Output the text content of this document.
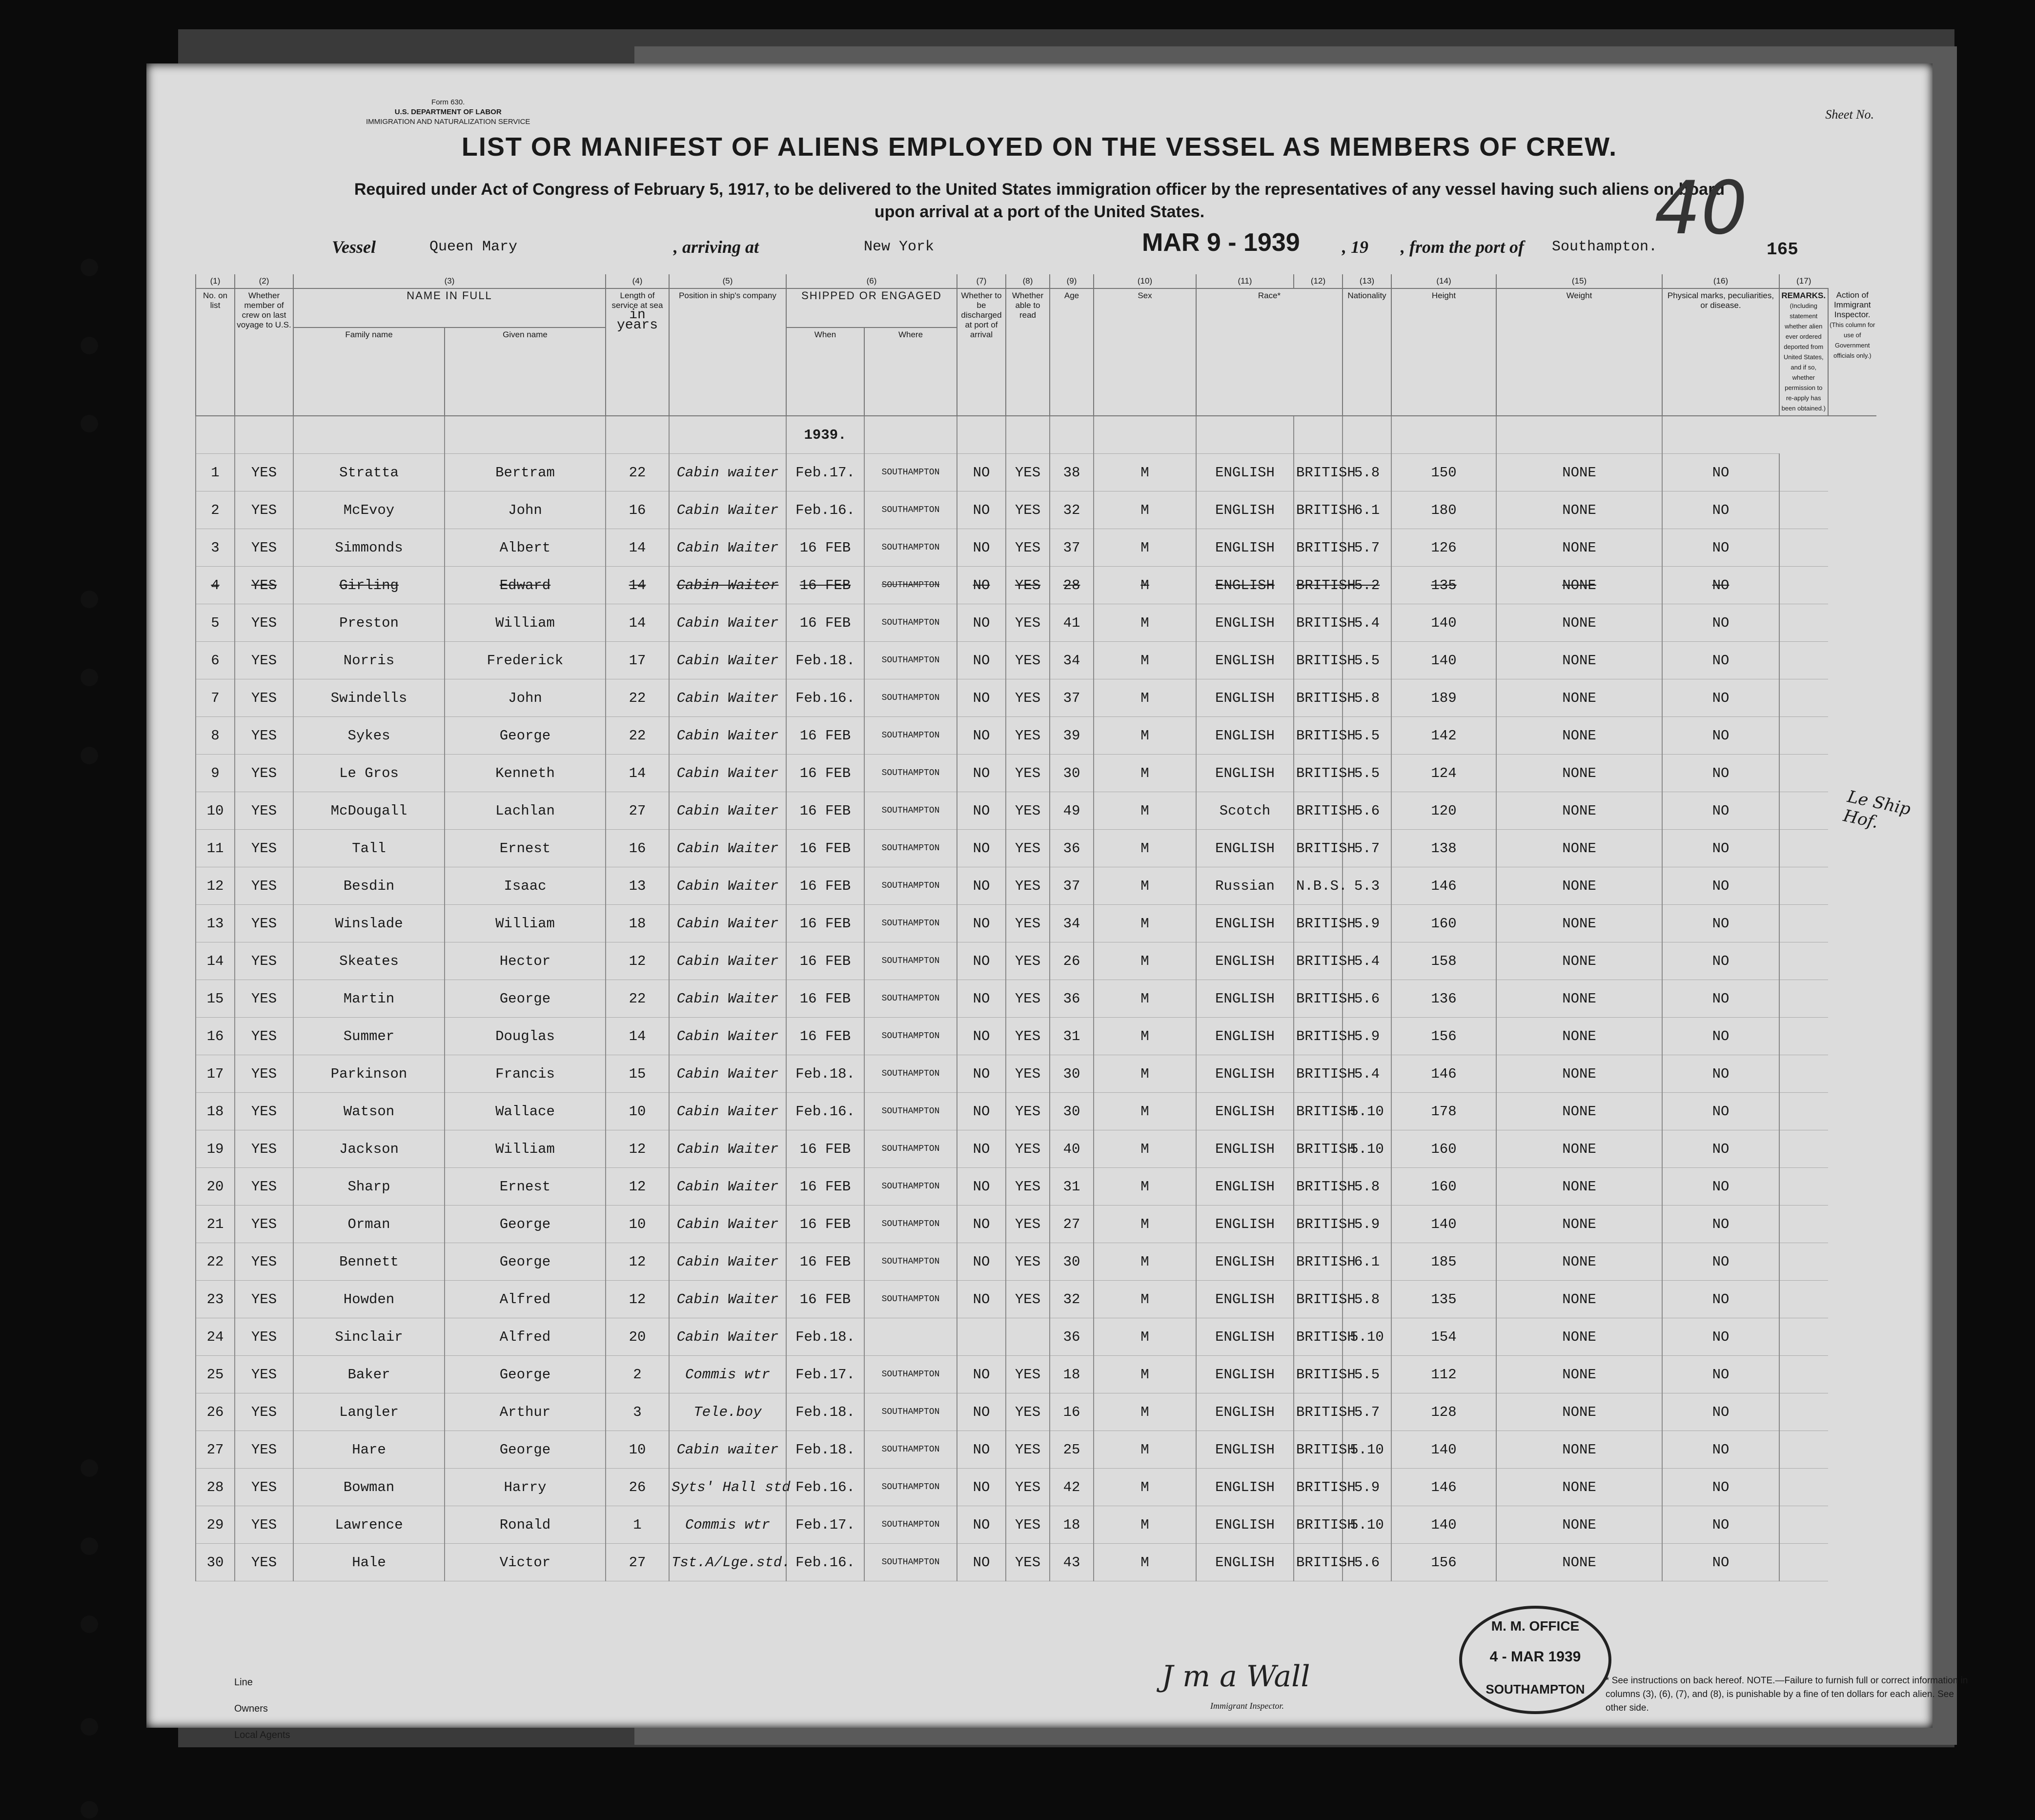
Form 630.
U.S. DEPARTMENT OF LABOR
IMMIGRATION AND NATURALIZATION SERVICE
Sheet No.
LIST OR MANIFEST OF ALIENS EMPLOYED ON THE VESSEL AS MEMBERS OF CREW.
Required under Act of Congress of February 5, 1917, to be delivered to the United States immigration officer by the representatives of any vessel having such aliens on board upon arrival at a port of the United States.	40
Vessel	Queen Mary	, arriving at	New York	MAR 9 - 1939 , 19 , from the port of Southampton.	165
(1)	(2)	(3)		(4)	(5)	(6)		(7)	(8)	(9)	(10)	(11)	(12)	(13)	(14)	(15)	(16)	(17)	
No. on list	Whether member of crew on last voyage to U.S.	NAME IN FULL		Length of service at sea
in years	Position in ship's company	SHIPPED OR ENGAGED		Whether to be discharged at port of arrival	Whether able to read	Age	Sex	Race*		Nationality	Height	Weight	Physical marks, peculiarities, or disease.	REMARKS.
(Including statement whether alien ever ordered deported from United States, and if so, whether permission to re-apply has been obtained.)	Action of Immigrant Inspector.
(This column for use of Government officials only.)
		Family name	Given name			When	Where												
						1939.													
1	YES	Stratta	Bertram	22	Cabin waiter	Feb.17.	SOUTHAMPTON	NO	YES	38	M	ENGLISH	BRITISH	5.8	150	NONE	NO		
2	YES	McEvoy	John	16	Cabin Waiter	Feb.16.	SOUTHAMPTON	NO	YES	32	M	ENGLISH	BRITISH	6.1	180	NONE	NO		
3	YES	Simmonds	Albert	14	Cabin Waiter	16 FEB	SOUTHAMPTON	NO	YES	37	M	ENGLISH	BRITISH	5.7	126	NONE	NO		
4	YES	Girling	Edward	14	Cabin Waiter	16 FEB	SOUTHAMPTON	NO	YES	28	M	ENGLISH	BRITISH	5.2	135	NONE	NO		
5	YES	Preston	William	14	Cabin Waiter	16 FEB	SOUTHAMPTON	NO	YES	41	M	ENGLISH	BRITISH	5.4	140	NONE	NO		
6	YES	Norris	Frederick	17	Cabin Waiter	Feb.18.	SOUTHAMPTON	NO	YES	34	M	ENGLISH	BRITISH	5.5	140	NONE	NO		
7	YES	Swindells	John	22	Cabin Waiter	Feb.16.	SOUTHAMPTON	NO	YES	37	M	ENGLISH	BRITISH	5.8	189	NONE	NO		
8	YES	Sykes	George	22	Cabin Waiter	16 FEB	SOUTHAMPTON	NO	YES	39	M	ENGLISH	BRITISH	5.5	142	NONE	NO		
9	YES	Le Gros	Kenneth	14	Cabin Waiter	16 FEB	SOUTHAMPTON	NO	YES	30	M	ENGLISH	BRITISH	5.5	124	NONE	NO		
10	YES	McDougall	Lachlan	27	Cabin Waiter	16 FEB	SOUTHAMPTON	NO	YES	49	M	Scotch	BRITISH	5.6	120	NONE	NO		
11	YES	Tall	Ernest	16	Cabin Waiter	16 FEB	SOUTHAMPTON	NO	YES	36	M	ENGLISH	BRITISH	5.7	138	NONE	NO		
12	YES	Besdin	Isaac	13	Cabin Waiter	16 FEB	SOUTHAMPTON	NO	YES	37	M	Russian	N.B.S.	5.3	146	NONE	NO		
13	YES	Winslade	William	18	Cabin Waiter	16 FEB	SOUTHAMPTON	NO	YES	34	M	ENGLISH	BRITISH	5.9	160	NONE	NO		
14	YES	Skeates	Hector	12	Cabin Waiter	16 FEB	SOUTHAMPTON	NO	YES	26	M	ENGLISH	BRITISH	5.4	158	NONE	NO		
15	YES	Martin	George	22	Cabin Waiter	16 FEB	SOUTHAMPTON	NO	YES	36	M	ENGLISH	BRITISH	5.6	136	NONE	NO		
16	YES	Summer	Douglas	14	Cabin Waiter	16 FEB	SOUTHAMPTON	NO	YES	31	M	ENGLISH	BRITISH	5.9	156	NONE	NO		
17	YES	Parkinson	Francis	15	Cabin Waiter	Feb.18.	SOUTHAMPTON	NO	YES	30	M	ENGLISH	BRITISH	5.4	146	NONE	NO		
18	YES	Watson	Wallace	10	Cabin Waiter	Feb.16.	SOUTHAMPTON	NO	YES	30	M	ENGLISH	BRITISH	5.10	178	NONE	NO		
19	YES	Jackson	William	12	Cabin Waiter	16 FEB	SOUTHAMPTON	NO	YES	40	M	ENGLISH	BRITISH	5.10	160	NONE	NO		
20	YES	Sharp	Ernest	12	Cabin Waiter	16 FEB	SOUTHAMPTON	NO	YES	31	M	ENGLISH	BRITISH	5.8	160	NONE	NO		
21	YES	Orman	George	10	Cabin Waiter	16 FEB	SOUTHAMPTON	NO	YES	27	M	ENGLISH	BRITISH	5.9	140	NONE	NO		
22	YES	Bennett	George	12	Cabin Waiter	16 FEB	SOUTHAMPTON	NO	YES	30	M	ENGLISH	BRITISH	6.1	185	NONE	NO		
23	YES	Howden	Alfred	12	Cabin Waiter	16 FEB	SOUTHAMPTON	NO	YES	32	M	ENGLISH	BRITISH	5.8	135	NONE	NO		
24	YES	Sinclair	Alfred	20	Cabin Waiter	Feb.18.				36	M	ENGLISH	BRITISH	5.10	154	NONE	NO		
25	YES	Baker	George	2	Commis wtr	Feb.17.	SOUTHAMPTON	NO	YES	18	M	ENGLISH	BRITISH	5.5	112	NONE	NO		
26	YES	Langler	Arthur	3	Tele.boy	Feb.18.	SOUTHAMPTON	NO	YES	16	M	ENGLISH	BRITISH	5.7	128	NONE	NO		
27	YES	Hare	George	10	Cabin waiter	Feb.18.	SOUTHAMPTON	NO	YES	25	M	ENGLISH	BRITISH	5.10	140	NONE	NO		
28	YES	Bowman	Harry	26	Syts' Hall std	Feb.16.	SOUTHAMPTON	NO	YES	42	M	ENGLISH	BRITISH	5.9	146	NONE	NO		
29	YES	Lawrence	Ronald	1	Commis wtr	Feb.17.	SOUTHAMPTON	NO	YES	18	M	ENGLISH	BRITISH	5.10	140	NONE	NO		
30	YES	Hale	Victor	27	Tst.A/Lge.std.	Feb.16.	SOUTHAMPTON	NO	YES	43	M	ENGLISH	BRITISH	5.6	156	NONE	NO		
Le Ship Hof.
Line
Owners
Local Agents
J m a Wall
Immigrant Inspector.
M. M. OFFICE
4 - MAR 1939
SOUTHAMPTON
* See instructions on back hereof. NOTE.—Failure to furnish full or correct information in columns (3), (6), (7), and (8), is punishable by a fine of ten dollars for each alien. See other side.
